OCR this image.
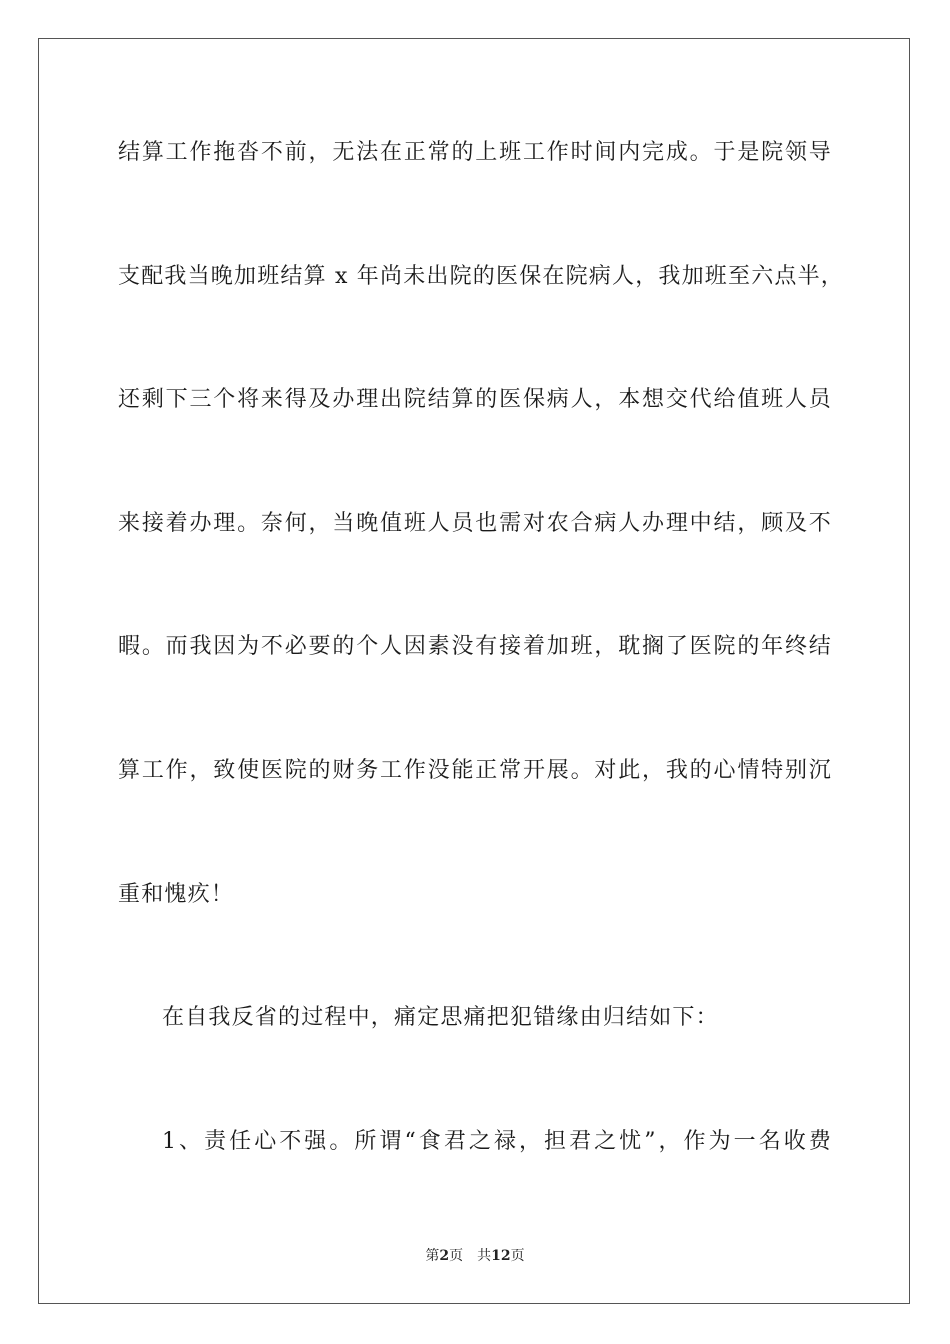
结算工作拖沓不前，无法在正常的上班工作时间内完成。于是院领导
支配我当晚加班结算 x 年尚未出院的医保在院病人，我加班至六点半，
还剩下三个将来得及办理出院结算的医保病人，本想交代给值班人员
来接着办理。奈何，当晚值班人员也需对农合病人办理中结，顾及不
暇。而我因为不必要的个人因素没有接着加班，耽搁了医院的年终结
算工作，致使医院的财务工作没能正常开展。对此，我的心情特别沉
重和愧疚！
在自我反省的过程中，痛定思痛把犯错缘由归结如下：
1、责任心不强。所谓“食君之禄，担君之忧”，作为一名收费
第2页 共12页
